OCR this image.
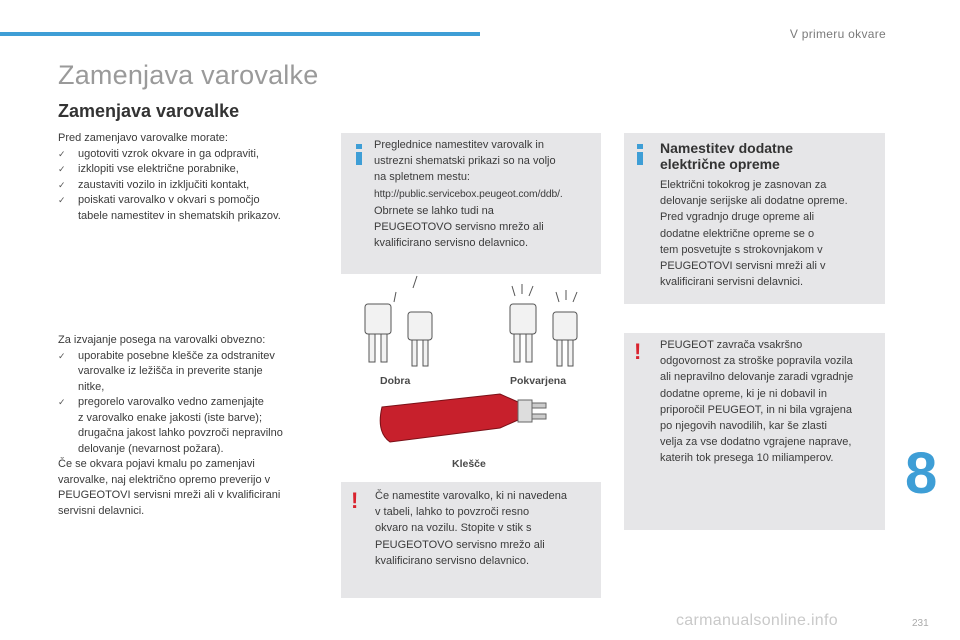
V primeru okvare
Zamenjava varovalke
Zamenjava varovalke

Pred zamenjavo varovalke morate:

✓ ugotoviti vzrok okvare in ga odpraviti,
✓ izklopiti vse električne porabnike,
✓ zaustaviti vozilo in izključiti kontakt,
✓ poiskati varovalko v okvari s pomočjo
tabele namestitev in shematskih prikazov.

Za izvajanje posega na varovalki obvezno:

✓ uporabite posebne klešče za odstranitev
varovalke iz ležišča in preverite stanje
nitke,
✓ pregorelo varovalko vedno zamenjajte
z varovalko enake jakosti (iste barve);
drugačna jakost lahko povzroči nepravilno
delovanje (nevarnost požara).

Če se okvara pojavi kmalu po zamenjavi
varovalke, naj električno opremo preverijo v
PEUGEOTOVI servisni mreži ali v kvalificirani
servisni delavnici.

Preglednice namestitev varovalk in
ustrezni shematski prikazi so na voljo
na spletnem mestu:
http://public.servicebox.peugeot.com/ddb/.
Obrnete se lahko tudi na
PEUGEOTOVO servisno mrežo ali
kvalificirano servisno delavnico.
Dobra	Pokvarjena
Klešče
! Če namestite varovalko, ki ni navedena
v tabeli, lahko to povzroči resno
okvaro na vozilu. Stopite v stik s
PEUGEOTOVO servisno mrežo ali
kvalificirano servisno delavnico.
Namestitev dodatne
električne opreme
Električni tokokrog je zasnovan za
delovanje serijske ali dodatne opreme.
Pred vgradnjo druge opreme ali
dodatne električne opreme se o
tem posvetujte s strokovnjakom v
PEUGEOTOVI servisni mreži ali v
kvalificirani servisni delavnici.
! PEUGEOT zavrača vsakršno
odgovornost za stroške popravila vozila
ali nepravilno delovanje zaradi vgradnje
dodatne opreme, ki je ni dobavil in
priporočil PEUGEOT, in ni bila vgrajena
po njegovih navodilih, kar še zlasti
velja za vse dodatno vgrajene naprave,
katerih tok presega 10 miliamperov.	8
carmanualsonline.info	231
